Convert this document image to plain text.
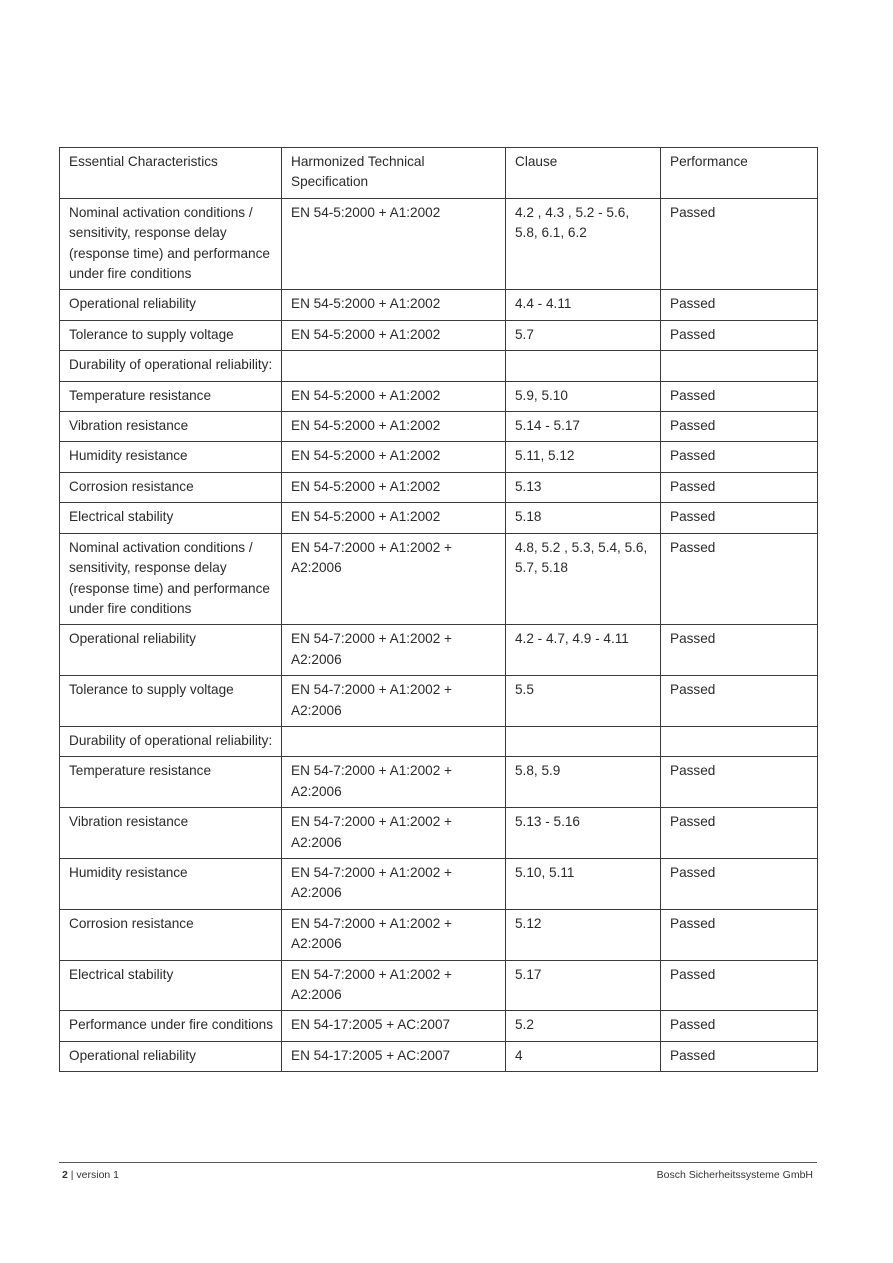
Essential Characteristics	Harmonized Technical Specification	Clause	Performance
Nominal activation conditions / sensitivity, response delay (response time) and performance under fire conditions	EN 54-5:2000 + A1:2002	4.2 , 4.3 , 5.2 - 5.6, 5.8, 6.1, 6.2	Passed
Operational reliability	EN 54-5:2000 + A1:2002	4.4 - 4.11	Passed
Tolerance to supply voltage	EN 54-5:2000 + A1:2002	5.7	Passed
Durability of operational reliability:			
Temperature resistance	EN 54-5:2000 + A1:2002	5.9, 5.10	Passed
Vibration resistance	EN 54-5:2000 + A1:2002	5.14 - 5.17	Passed
Humidity resistance	EN 54-5:2000 + A1:2002	5.11, 5.12	Passed
Corrosion resistance	EN 54-5:2000 + A1:2002	5.13	Passed
Electrical stability	EN 54-5:2000 + A1:2002	5.18	Passed
Nominal activation conditions / sensitivity, response delay (response time) and performance under fire conditions	EN 54-7:2000 + A1:2002 + A2:2006	4.8, 5.2 , 5.3, 5.4, 5.6, 5.7, 5.18	Passed
Operational reliability	EN 54-7:2000 + A1:2002 + A2:2006	4.2 - 4.7, 4.9 - 4.11	Passed
Tolerance to supply voltage	EN 54-7:2000 + A1:2002 + A2:2006	5.5	Passed
Durability of operational reliability:			
Temperature resistance	EN 54-7:2000 + A1:2002 + A2:2006	5.8, 5.9	Passed
Vibration resistance	EN 54-7:2000 + A1:2002 + A2:2006	5.13 - 5.16	Passed
Humidity resistance	EN 54-7:2000 + A1:2002 + A2:2006	5.10, 5.11	Passed
Corrosion resistance	EN 54-7:2000 + A1:2002 + A2:2006	5.12	Passed
Electrical stability	EN 54-7:2000 + A1:2002 + A2:2006	5.17	Passed
Performance under fire conditions	EN 54-17:2005 + AC:2007	5.2	Passed
Operational reliability	EN 54-17:2005 + AC:2007	4	Passed
2 | version 1	Bosch Sicherheitssysteme GmbH
